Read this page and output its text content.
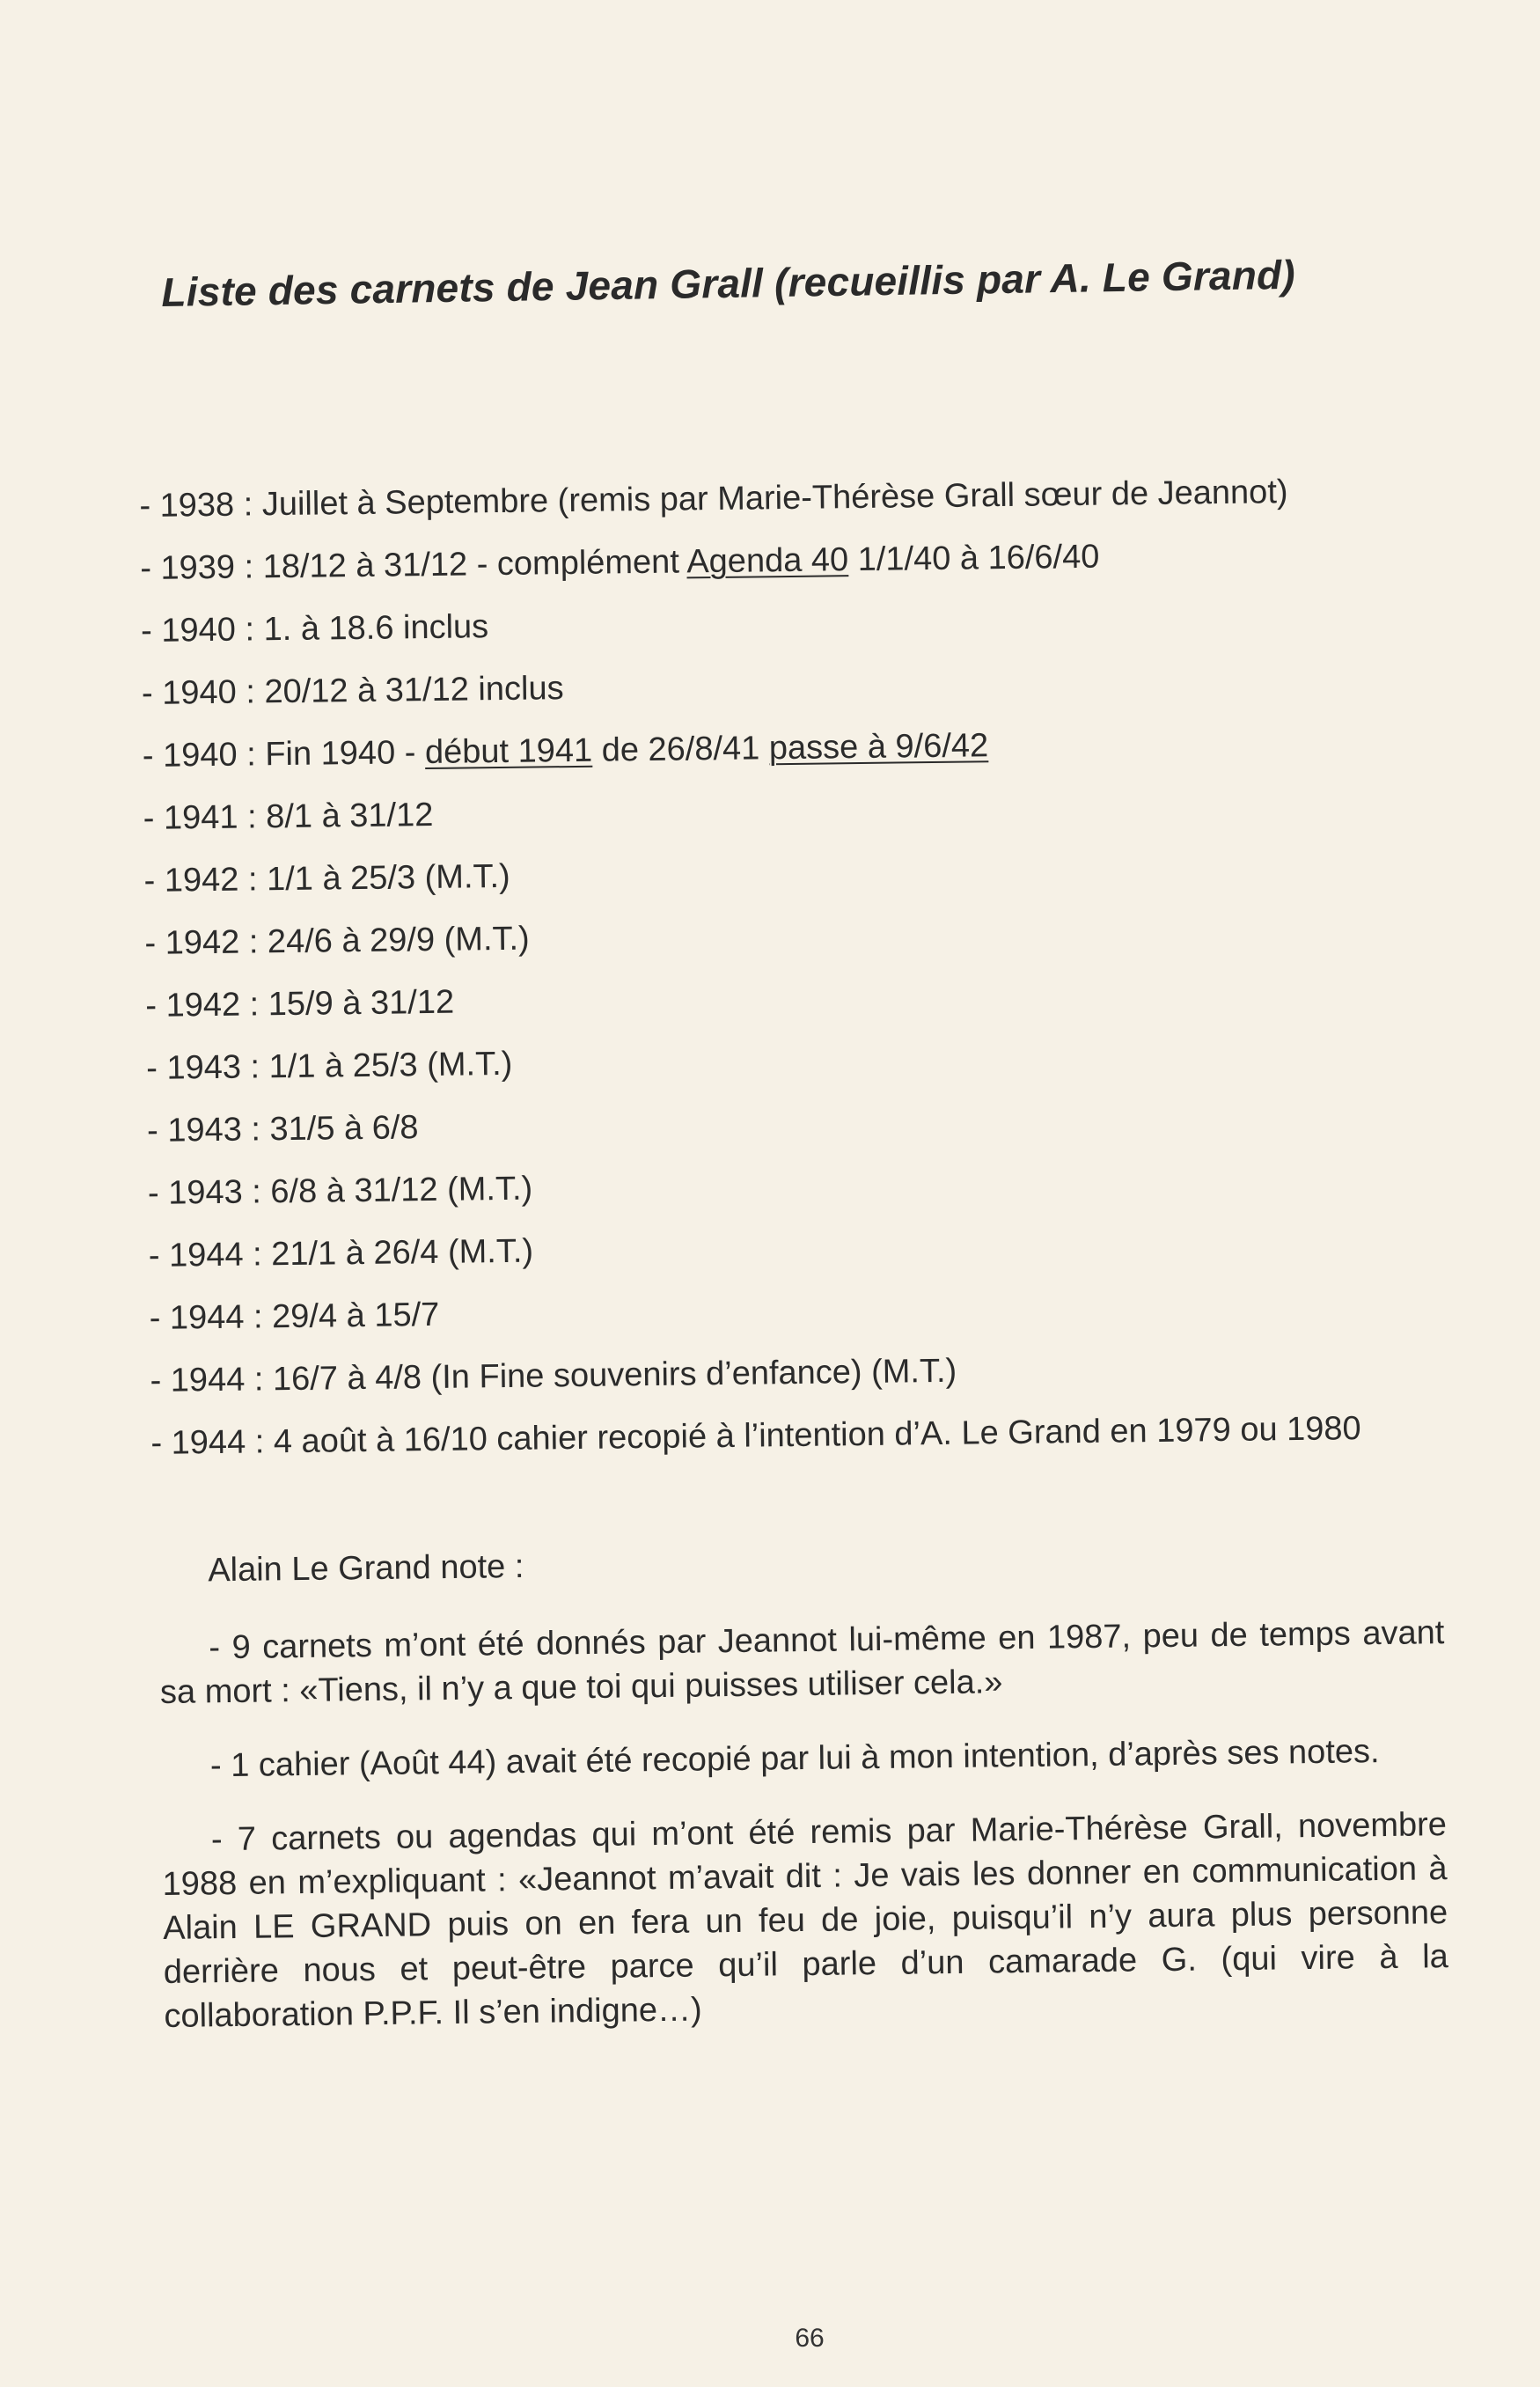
Liste des carnets de Jean Grall (recueillis par A. Le Grand)
- 1938 : Juillet à Septembre (remis par Marie-Thérèse Grall sœur de Jeannot)
- 1939 : 18/12 à 31/12 - complément Agenda 40 1/1/40 à 16/6/40
- 1940 : 1. à 18.6 inclus
- 1940 : 20/12 à 31/12 inclus
- 1940 : Fin 1940 - début 1941 de 26/8/41 passe à 9/6/42
- 1941 : 8/1 à 31/12
- 1942 : 1/1 à 25/3 (M.T.)
- 1942 : 24/6 à 29/9 (M.T.)
- 1942 : 15/9 à 31/12
- 1943 : 1/1 à 25/3 (M.T.)
- 1943 : 31/5 à 6/8
- 1943 : 6/8 à 31/12 (M.T.)
- 1944 : 21/1 à 26/4 (M.T.)
- 1944 : 29/4 à 15/7
- 1944 : 16/7 à 4/8 (In Fine souvenirs d’enfance) (M.T.)
- 1944 : 4 août à 16/10 cahier recopié à l’intention d’A. Le Grand en 1979 ou 1980

Alain Le Grand note :

- 9 carnets m’ont été donnés par Jeannot lui-même en 1987, peu de temps avant sa mort : «Tiens, il n’y a que toi qui puisses utiliser cela.»

- 1 cahier (Août 44) avait été recopié par lui à mon intention, d’après ses notes.

- 7 carnets ou agendas qui m’ont été remis par Marie-Thérèse Grall, novembre 1988 en m’expliquant : «Jeannot m’avait dit : Je vais les donner en communication à Alain LE GRAND puis on en fera un feu de joie, puisqu’il n’y aura plus personne derrière nous et peut-être parce qu’il parle d’un camarade G. (qui vire à la collaboration P.P.F. Il s’en indigne…)

66
